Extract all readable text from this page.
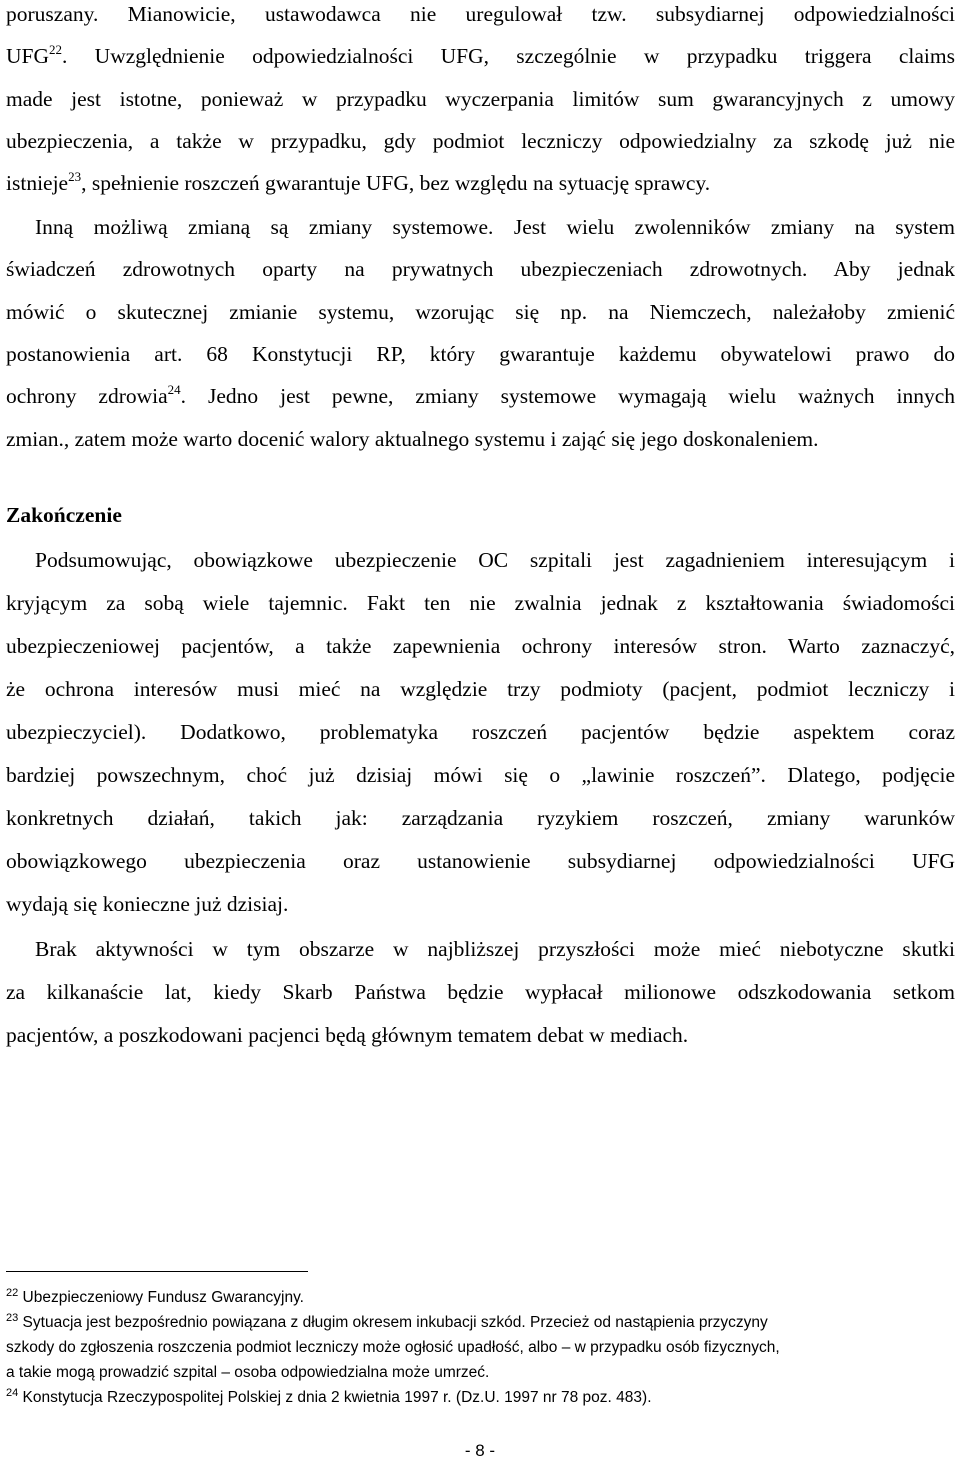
poruszany. Mianowicie, ustawodawca nie uregulował tzw. subsydiarnej odpowiedzialności

UFG$^{22}$. Uwzględnienie odpowiedzialności UFG, szczególnie w przypadku triggera claims

made jest istotne, ponieważ w przypadku wyczerpania limitów sum gwarancyjnych z umowy

ubezpieczenia, a także w przypadku, gdy podmiot leczniczy odpowiedzialny za szkodę już nie

istnieje$^{23}$, spełnienie roszczeń gwarantuje UFG, bez względu na sytuację sprawcy.

Inną możliwą zmianą są zmiany systemowe. Jest wielu zwolenników zmiany na system

świadczeń zdrowotnych oparty na prywatnych ubezpieczeniach zdrowotnych. Aby jednak

mówić o skutecznej zmianie systemu, wzorując się np. na Niemczech, należałoby zmienić

postanowienia art. 68 Konstytucji RP, który gwarantuje każdemu obywatelowi prawo do

ochrony zdrowia$^{24}$. Jedno jest pewne, zmiany systemowe wymagają wielu ważnych innych

zmian., zatem może warto docenić walory aktualnego systemu i zająć się jego doskonaleniem.

Zakończenie

Podsumowując, obowiązkowe ubezpieczenie OC szpitali jest zagadnieniem interesującym i

kryjącym za sobą wiele tajemnic. Fakt ten nie zwalnia jednak z kształtowania świadomości

ubezpieczeniowej pacjentów, a także zapewnienia ochrony interesów stron. Warto zaznaczyć,

że ochrona interesów musi mieć na względzie trzy podmioty (pacjent, podmiot leczniczy i

ubezpieczyciel). Dodatkowo, problematyka roszczeń pacjentów będzie aspektem coraz

bardziej powszechnym, choć już dzisiaj mówi się o „lawinie roszczeń”. Dlatego, podjęcie

konkretnych działań, takich jak: zarządzania ryzykiem roszczeń, zmiany warunków

obowiązkowego ubezpieczenia oraz ustanowienie subsydiarnej odpowiedzialności UFG

wydają się konieczne już dzisiaj.

Brak aktywności w tym obszarze w najbliższej przyszłości może mieć niebotyczne skutki

za kilkanaście lat, kiedy Skarb Państwa będzie wypłacał milionowe odszkodowania setkom

pacjentów, a poszkodowani pacjenci będą głównym tematem debat w mediach.

$^{22}$ Ubezpieczeniowy Fundusz Gwarancyjny.

$^{23}$ Sytuacja jest bezpośrednio powiązana z długim okresem inkubacji szkód. Przecież od nastąpienia przyczyny

szkody do zgłoszenia roszczenia podmiot leczniczy może ogłosić upadłość, albo – w przypadku osób fizycznych,

a takie mogą prowadzić szpital – osoba odpowiedzialna może umrzeć.

$^{24}$ Konstytucja Rzeczypospolitej Polskiej z dnia 2 kwietnia 1997 r. (Dz.U. 1997 nr 78 poz. 483).

- 8 -
